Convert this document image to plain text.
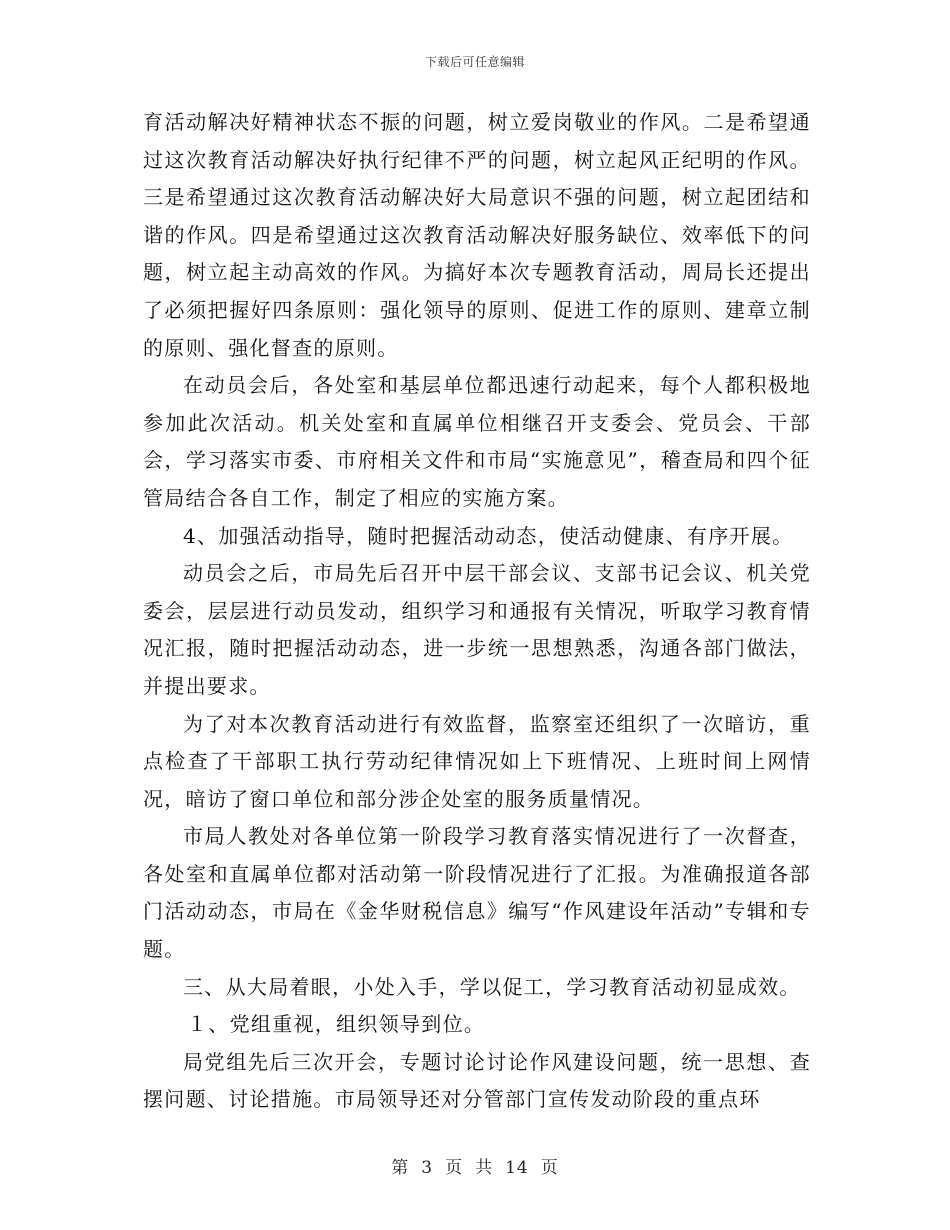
下载后可任意编辑

育活动解决好精神状态不振的问题，树立爱岗敬业的作风。二是希望通过这次教育活动解决好执行纪律不严的问题，树立起风正纪明的作风。三是希望通过这次教育活动解决好大局意识不强的问题，树立起团结和谐的作风。四是希望通过这次教育活动解决好服务缺位、效率低下的问题，树立起主动高效的作风。为搞好本次专题教育活动，周局长还提出了必须把握好四条原则：强化领导的原则、促进工作的原则、建章立制的原则、强化督查的原则。

在动员会后，各处室和基层单位都迅速行动起来，每个人都积极地参加此次活动。机关处室和直属单位相继召开支委会、党员会、干部会，学习落实市委、市府相关文件和市局“实施意见”，稽查局和四个征管局结合各自工作，制定了相应的实施方案。

4、加强活动指导，随时把握活动动态，使活动健康、有序开展。

动员会之后，市局先后召开中层干部会议、支部书记会议、机关党委会，层层进行动员发动，组织学习和通报有关情况，听取学习教育情况汇报，随时把握活动动态，进一步统一思想熟悉，沟通各部门做法，并提出要求。

为了对本次教育活动进行有效监督，监察室还组织了一次暗访，重点检查了干部职工执行劳动纪律情况如上下班情况、上班时间上网情况，暗访了窗口单位和部分涉企处室的服务质量情况。

市局人教处对各单位第一阶段学习教育落实情况进行了一次督查，各处室和直属单位都对活动第一阶段情况进行了汇报。为准确报道各部门活动动态，市局在《金华财税信息》编写“作风建设年活动”专辑和专题。

三、从大局着眼，小处入手，学以促工，学习教育活动初显成效。

１、党组重视，组织领导到位。

局党组先后三次开会，专题讨论讨论作风建设问题，统一思想、查摆问题、讨论措施。市局领导还对分管部门宣传发动阶段的重点环

第 3 页 共 14 页
